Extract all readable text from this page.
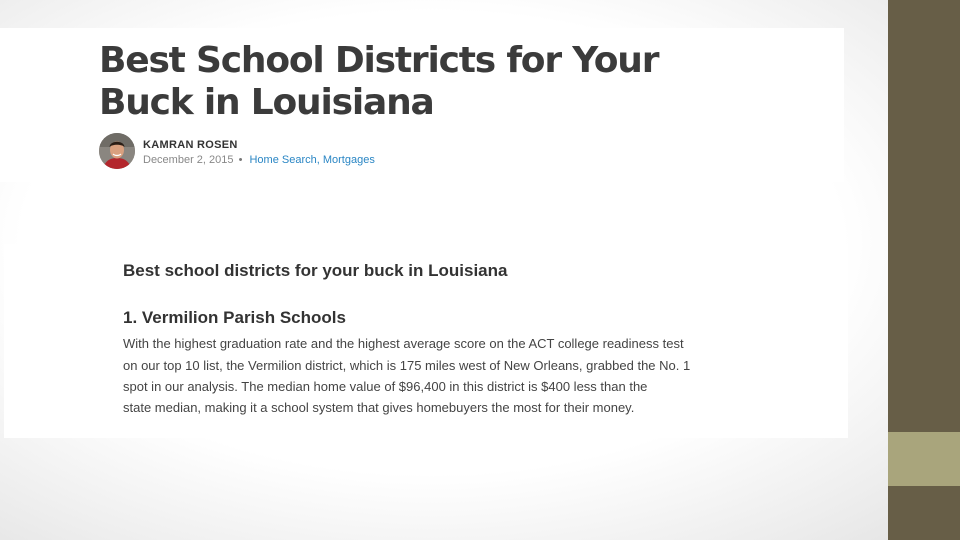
Best School Districts for Your
Buck in Louisiana
KAMRAN ROSEN
December 2, 2015 • Home Search, Mortgages
Best school districts for your buck in Louisiana
1. Vermilion Parish Schools

With the highest graduation rate and the highest average score on the ACT college readiness test

on our top 10 list, the Vermilion district, which is 175 miles west of New Orleans, grabbed the No. 1

spot in our analysis. The median home value of $96,400 in this district is $400 less than the

state median, making it a school system that gives homebuyers the most for their money.
